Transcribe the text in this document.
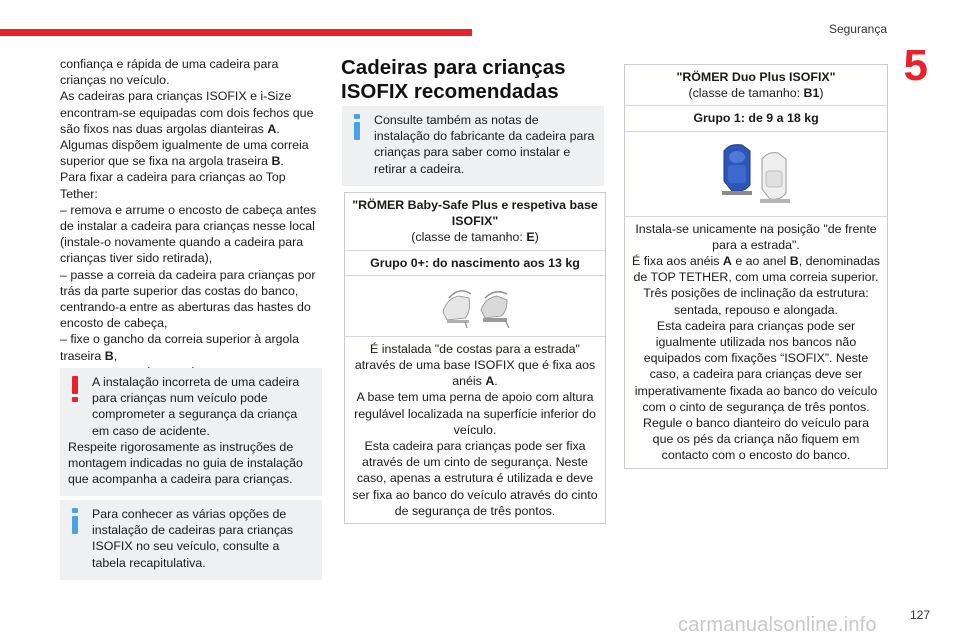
Segurança
5
127
carmanualsonline.info

confiança e rápida de uma cadeira para crianças no veículo.

As cadeiras para crianças ISOFIX e i-Size encontram-se equipadas com dois fechos que são fixos nas duas argolas dianteiras A.

Algumas dispõem igualmente de uma correia superior que se fixa na argola traseira B.

Para fixar a cadeira para crianças ao Top Tether:

– remova e arrume o encosto de cabeça antes de instalar a cadeira para crianças nesse local (instale-o novamente quando a cadeira para crianças tiver sido retirada),

– passe a correia da cadeira para crianças por trás da parte superior das costas do banco, centrando-a entre as aberturas das hastes do encosto de cabeça,

– fixe o gancho da correia superior à argola traseira B,

A instalação incorreta de uma cadeira para crianças num veículo pode comprometer a segurança da criança em caso de acidente.
Respeite rigorosamente as instruções de montagem indicadas no guia de instalação que acompanha a cadeira para crianças.
Para conhecer as várias opções de instalação de cadeiras para crianças ISOFIX no seu veículo, consulte a tabela recapitulativa.
Cadeiras para crianças ISOFIX recomendadas
Consulte também as notas de instalação do fabricante da cadeira para crianças para saber como instalar e retirar a cadeira.
"RÖMER Baby-Safe Plus e respetiva base ISOFIX"
(classe de tamanho: E)
Grupo 0+: do nascimento aos 13 kg
É instalada "de costas para a estrada" através de uma base ISOFIX que é fixa aos anéis A.
A base tem uma perna de apoio com altura regulável localizada na superfície inferior do veículo.
Esta cadeira para crianças pode ser fixa através de um cinto de segurança. Neste caso, apenas a estrutura é utilizada e deve ser fixa ao banco do veículo através do cinto de segurança de três pontos.
"RÖMER Duo Plus ISOFIX"
(classe de tamanho: B1)
Grupo 1: de 9 a 18 kg
Instala-se unicamente na posição "de frente para a estrada".
É fixa aos anéis A e ao anel B, denominadas de TOP TETHER, com uma correia superior.
Três posições de inclinação da estrutura: sentada, repouso e alongada.
Esta cadeira para crianças pode ser igualmente utilizada nos bancos não equipados com fixações “ISOFIX”. Neste caso, a cadeira para crianças deve ser imperativamente fixada ao banco do veículo com o cinto de segurança de três pontos.
Regule o banco dianteiro do veículo para que os pés da criança não fiquem em contacto com o encosto do banco.
